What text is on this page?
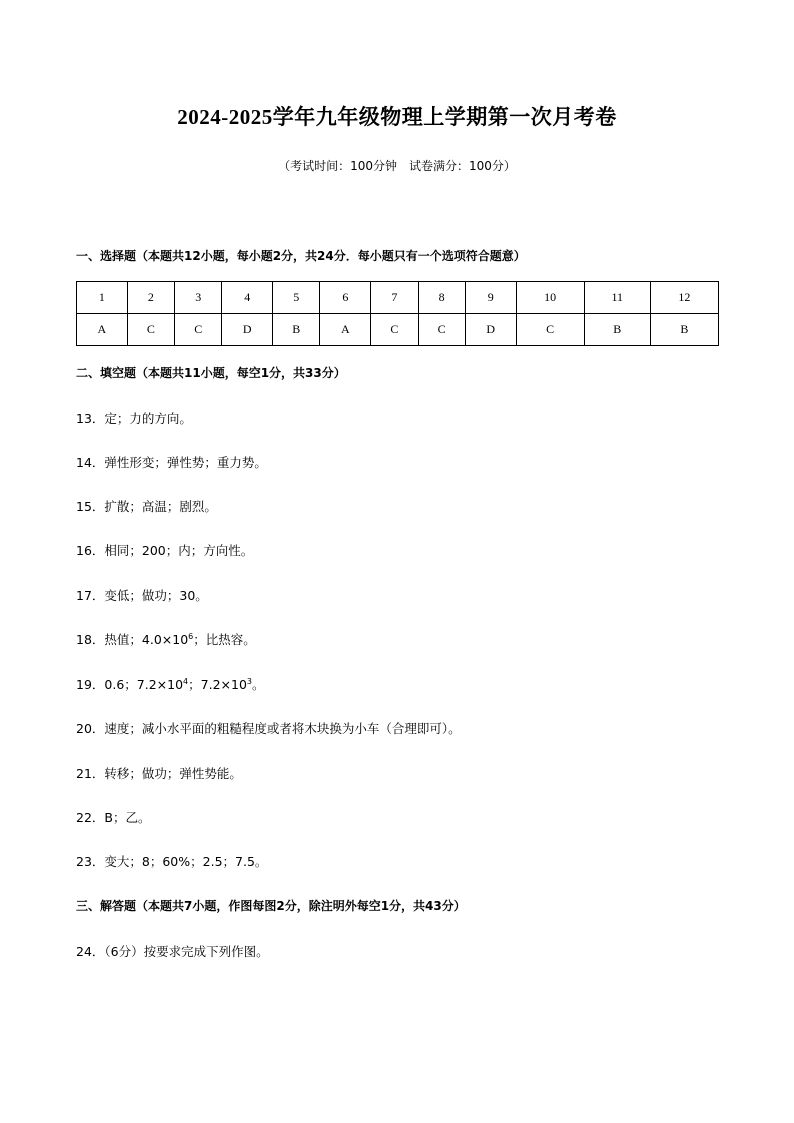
2024-2025学年九年级物理上学期第一次月考卷
（考试时间：100分钟　试卷满分：100分）
一、选择题（本题共12小题，每小题2分，共24分．每小题只有一个选项符合题意）
1	2	3	4	5	6	7	8	9	10	11	12
A	C	C	D	B	A	C	C	D	C	B	B
二、填空题（本题共11小题，每空1分，共33分）
13．定；力的方向。
14．弹性形变；弹性势；重力势。
15．扩散；高温；剧烈。
16．相同；200；内；方向性。
17．变低；做功；30。
18．热值；$4.0\times 10^6$；比热容。
19．0.6；$7.2\times 10^4$；$7.2\times 10^3$。
20．速度；减小水平面的粗糙程度或者将木块换为小车（合理即可）。
21．转移；做功；弹性势能。
22．B；乙。
23．变大；8；60%；2.5；7.5。
三、解答题（本题共7小题，作图每图2分，除注明外每空1分，共43分）
24．（6分）按要求完成下列作图。
